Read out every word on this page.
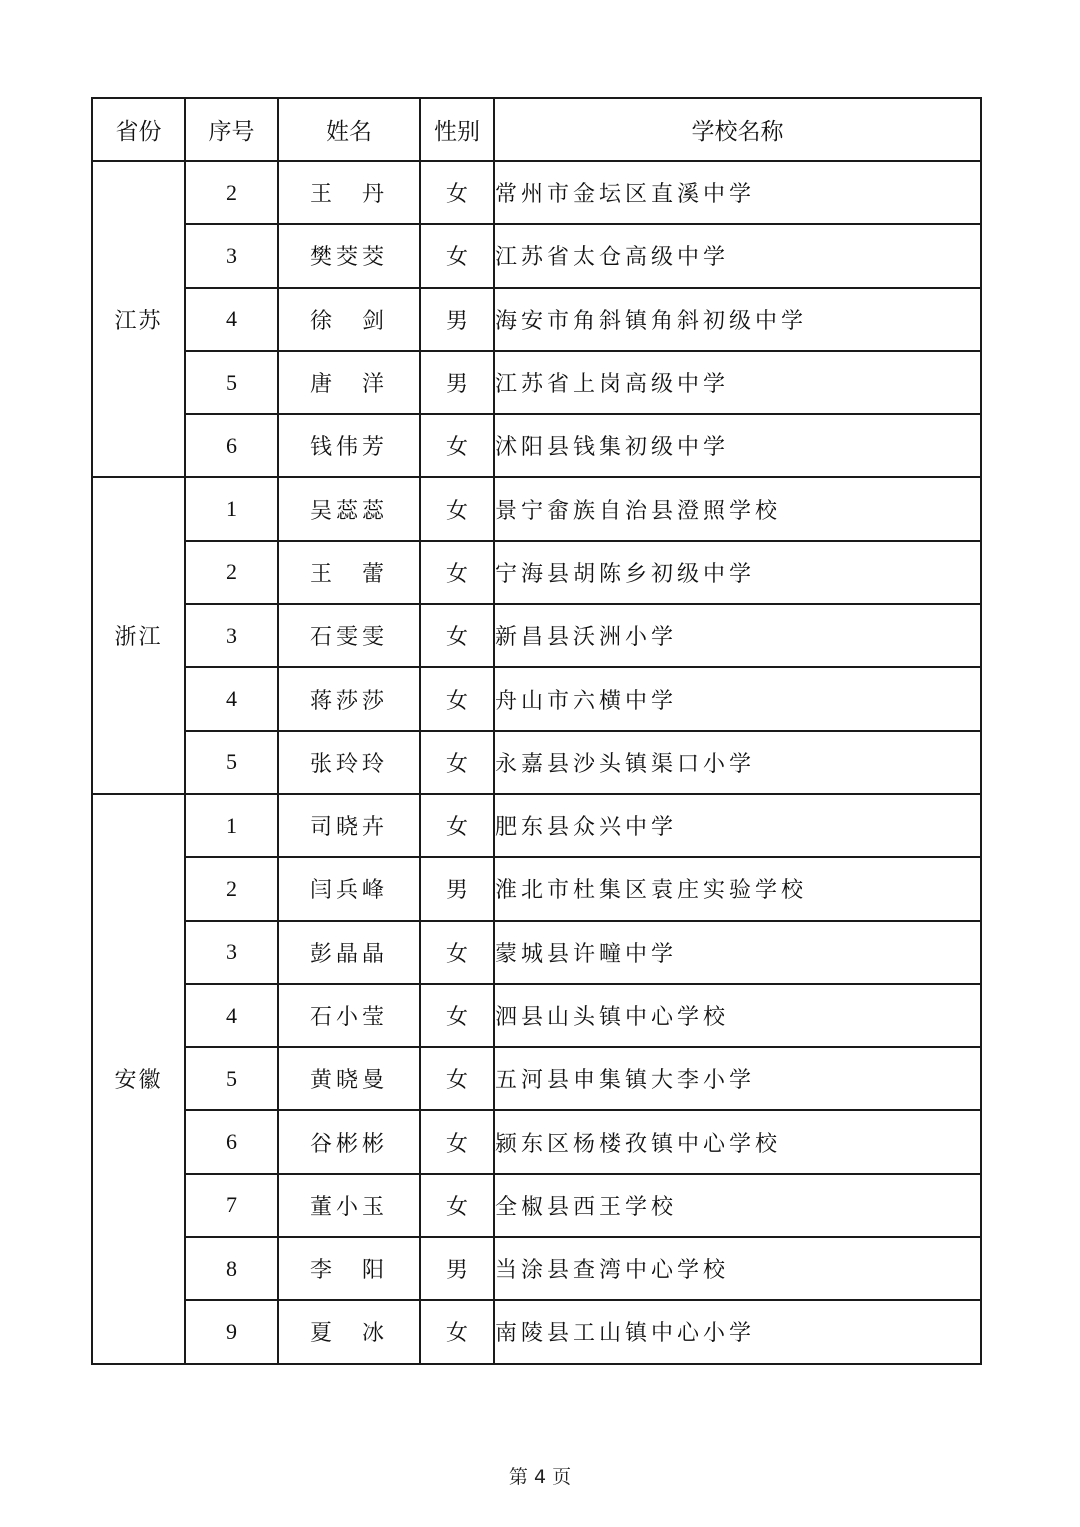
省份	序号	姓名	性别	学校名称
江苏	2	王　丹	女	常州市金坛区直溪中学
	3	樊茭茭	女	江苏省太仓高级中学
	4	徐　剑	男	海安市角斜镇角斜初级中学
	5	唐　洋	男	江苏省上岗高级中学
	6	钱伟芳	女	沭阳县钱集初级中学
浙江	1	吴蕊蕊	女	景宁畲族自治县澄照学校
	2	王　蕾	女	宁海县胡陈乡初级中学
	3	石雯雯	女	新昌县沃洲小学
	4	蒋莎莎	女	舟山市六横中学
	5	张玲玲	女	永嘉县沙头镇渠口小学
安徽	1	司晓卉	女	肥东县众兴中学
	2	闫兵峰	男	淮北市杜集区袁庄实验学校
	3	彭晶晶	女	蒙城县许疃中学
	4	石小莹	女	泗县山头镇中心学校
	5	黄晓曼	女	五河县申集镇大李小学
	6	谷彬彬	女	颍东区杨楼孜镇中心学校
	7	董小玉	女	全椒县西王学校
	8	李　阳	男	当涂县查湾中心学校
	9	夏　冰	女	南陵县工山镇中心小学
第 4 页
